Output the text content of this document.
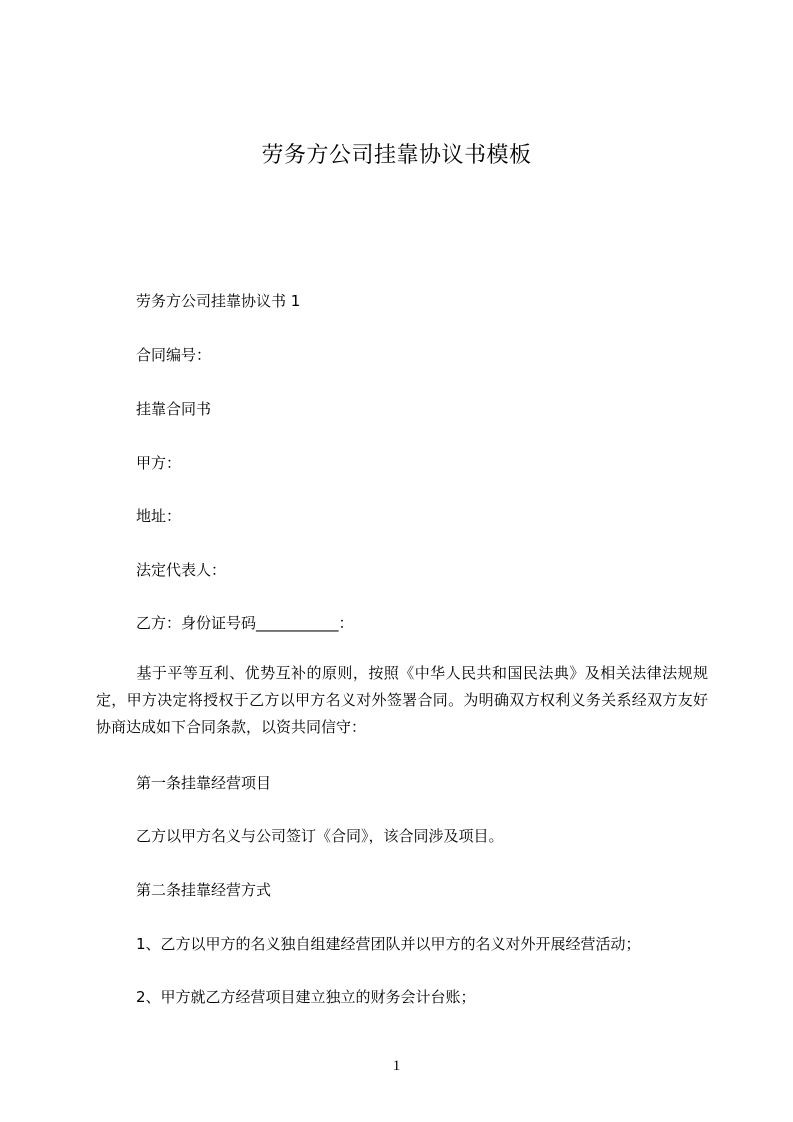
劳务方公司挂靠协议书模板
劳务方公司挂靠协议书 1
合同编号：
挂靠合同书
甲方：
地址：
法定代表人：
乙方：身份证号码___________：
基于平等互利、优势互补的原则，按照《中华人民共和国民法典》及相关法律法规规定，甲方决定将授权于乙方以甲方名义对外签署合同。为明确双方权利义务关系经双方友好协商达成如下合同条款，以资共同信守：
第一条挂靠经营项目
乙方以甲方名义与公司签订《合同》，该合同涉及项目。
第二条挂靠经营方式
1、乙方以甲方的名义独自组建经营团队并以甲方的名义对外开展经营活动；
2、甲方就乙方经营项目建立独立的财务会计台账；
1
